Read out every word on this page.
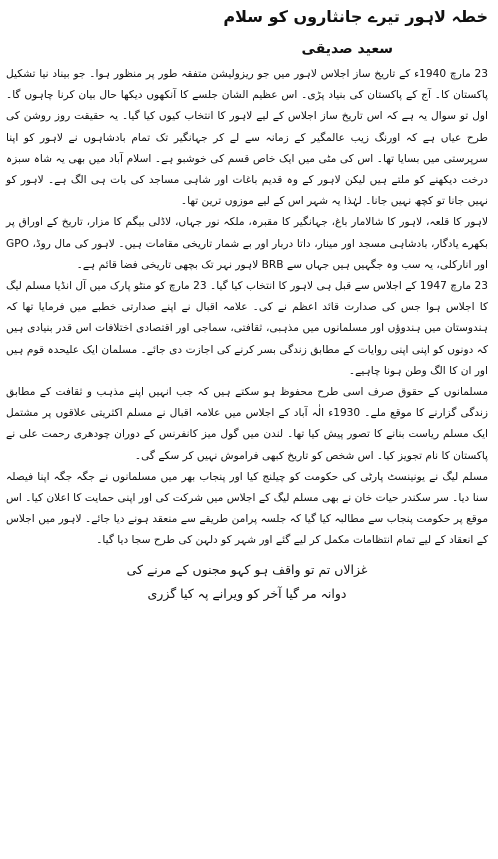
خطہ لاہور تیرے جانثاروں کو سلام
سعید صدیقی

23 مارچ 1940ء کے تاریخ ساز اجلاس لاہور میں جو ریزولیشن متفقہ طور پر منظور ہوا۔ جو بیناد نیا تشکیل پاکستان کا۔ آج کے پاکستان کی بنیاد پڑی۔ اس عظیم الشان جلسے کا آنکھوں دیکھا حال بیان کرنا چاہوں گا۔ اول تو سوال یہ ہے کہ اس تاریخ ساز اجلاس کے لیے لاہور کا انتخاب کیوں کیا گیا۔ یہ حقیقت روز روشن کی طرح عیاں ہے کہ اورنگ زیب عالمگیر کے زمانہ سے لے کر جہانگیر تک تمام بادشاہوں نے لاہور کو اپنا سرپرستی میں بسایا تھا۔ اس کی مٹی میں ایک خاص قسم کی خوشبو ہے۔ اسلام آباد میں بھی یہ شاہ سبزہ درخت دیکھنے کو ملتے ہیں لیکن لاہور کے وہ قدیم باغات اور شاہی مساجد کی بات ہی الگ ہے۔ لاہور کو نہیں جانا تو کچھ نہیں جانا۔ لہٰذا یہ شہر اس کے لیے موزوں ترین تھا۔

لاہور کا قلعہ، لاہور کا شالامار باغ، جہانگیر کا مقبرہ، ملکہ نور جہاں، لاڈلی بیگم کا مزار، تاریخ کے اوراق پر بکھرے یادگار، بادشاہی مسجد اور مینار، داتا دربار اور بے شمار تاریخی مقامات ہیں۔ لاہور کی مال روڈ، GPO اور انارکلی، یہ سب وہ جگہیں ہیں جہاں سے BRB لاہور نہر تک بچھی تاریخی فضا قائم ہے۔

23 مارچ 1947 کے اجلاس سے قبل ہی لاہور کا انتخاب کیا گیا۔ 23 مارچ کو منٹو پارک میں آل انڈیا مسلم لیگ کا اجلاس ہوا جس کی صدارت قائد اعظم نے کی۔ علامہ اقبال نے اپنے صدارتی خطبے میں فرمایا تھا کہ ہندوستان میں ہندوؤں اور مسلمانوں میں مذہبی، ثقافتی، سماجی اور اقتصادی اختلافات اس قدر بنیادی ہیں کہ دونوں کو اپنی اپنی روایات کے مطابق زندگی بسر کرنے کی اجازت دی جائے۔ مسلمان ایک علیحدہ قوم ہیں اور ان کا الگ وطن ہونا چاہیے۔

مسلمانوں کے حقوق صرف اسی طرح محفوظ ہو سکتے ہیں کہ جب انہیں اپنے مذہب و ثقافت کے مطابق زندگی گزارنے کا موقع ملے۔ 1930ء الٰہ آباد کے اجلاس میں علامہ اقبال نے مسلم اکثریتی علاقوں پر مشتمل ایک مسلم ریاست بنانے کا تصور پیش کیا تھا۔ لندن میں گول میز کانفرنس کے دوران چودھری رحمت علی نے پاکستان کا نام تجویز کیا۔ اس شخص کو تاریخ کبھی فراموش نہیں کر سکے گی۔

مسلم لیگ نے یونینسٹ پارٹی کی حکومت کو چیلنج کیا اور پنجاب بھر میں مسلمانوں نے جگہ جگہ اپنا فیصلہ سنا دیا۔ سر سکندر حیات خان نے بھی مسلم لیگ کے اجلاس میں شرکت کی اور اپنی حمایت کا اعلان کیا۔ اس موقع پر حکومت پنجاب سے مطالبہ کیا گیا کہ جلسہ پرامن طریقے سے منعقد ہونے دیا جائے۔ لاہور میں اجلاس کے انعقاد کے لیے تمام انتظامات مکمل کر لیے گئے اور شہر کو دلہن کی طرح سجا دیا گیا۔

غزالاں تم تو واقف ہو کہو مجنوں کے مرنے کی
دوانہ مر گیا آخر کو ویرانے پہ کیا گزری
